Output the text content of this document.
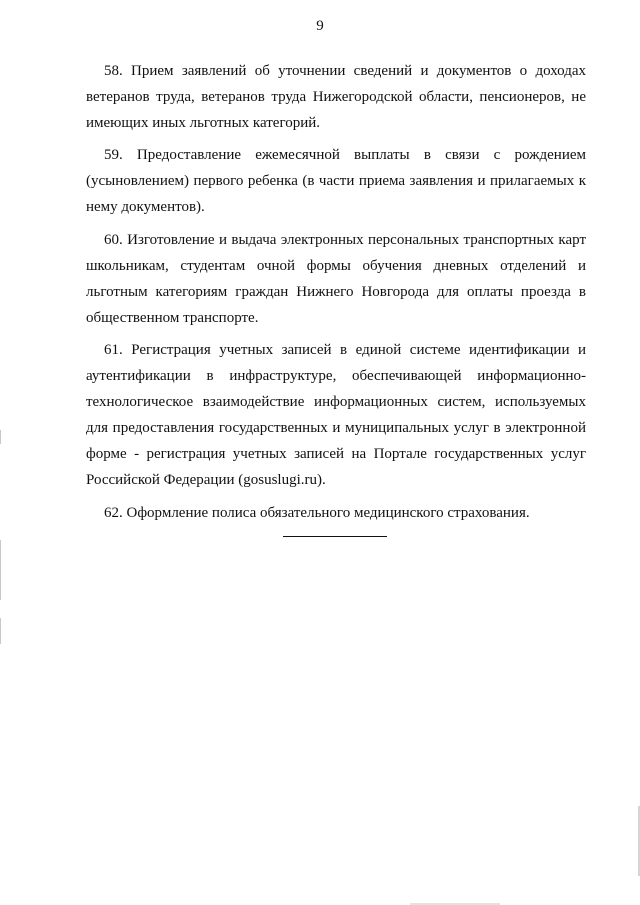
9

58. Прием заявлений об уточнении сведений и документов о доходах ветеранов труда, ветеранов труда Нижегородской области, пенсионеров, не имеющих иных льготных категорий.

59. Предоставление ежемесячной выплаты в связи с рождением (усыновлением) первого ребенка (в части приема заявления и прилагаемых к нему документов).

60. Изготовление и выдача электронных персональных транспортных карт школьникам, студентам очной формы обучения дневных отделений и льготным категориям граждан Нижнего Новгорода для оплаты проезда в общественном транспорте.

61. Регистрация учетных записей в единой системе идентификации и аутентификации в инфраструктуре, обеспечивающей информационно-технологическое взаимодействие информационных систем, используемых для предоставления государственных и муниципальных услуг в электронной форме - регистрация учетных записей на Портале государственных услуг Российской Федерации (gosuslugi.ru).

62. Оформление полиса обязательного медицинского страхования.
